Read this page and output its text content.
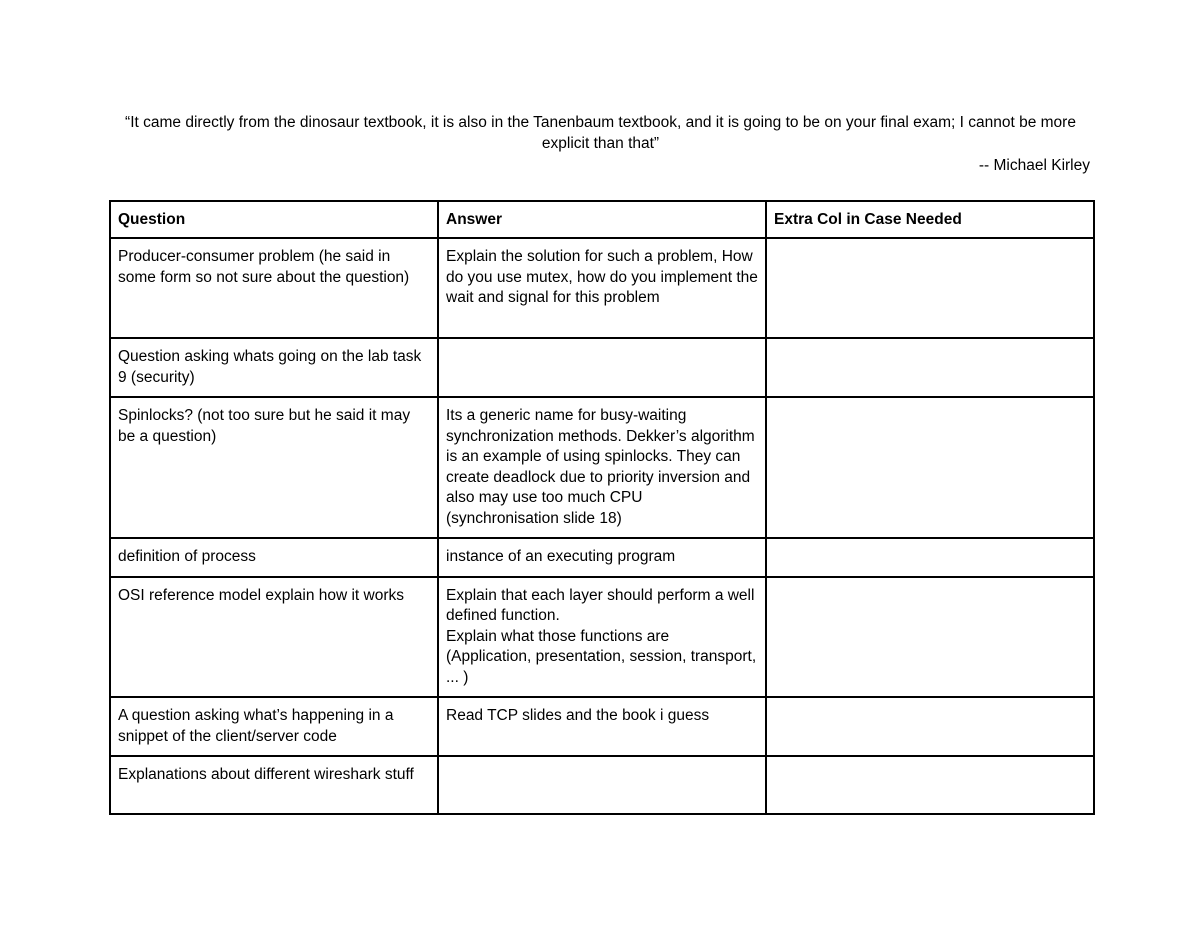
“It came directly from the dinosaur textbook, it is also in the Tanenbaum textbook, and it is going to be on your final exam; I cannot be more explicit than that”
-- Michael Kirley
Question	Answer	Extra Col in Case Needed

Producer-consumer problem (he said in some form so not sure about the question)	Explain the solution for such a problem, How do you use mutex, how do you implement the wait and signal for this problem	

Question asking whats going on the lab task 9 (security)		

Spinlocks? (not too sure but he said it may be a question)	Its a generic name for busy-waiting synchronization methods. Dekker’s algorithm is an example of using spinlocks. They can create deadlock due to priority inversion and also may use too much CPU (synchronisation slide 18)	

definition of process	instance of an executing program	

OSI reference model explain how it works	Explain that each layer should perform a well defined function.
Explain what those functions are (Application, presentation, session, transport, ... )	

A question asking what’s happening in a snippet of the client/server code	Read TCP slides and the book i guess	

Explanations about different wireshark stuff		
